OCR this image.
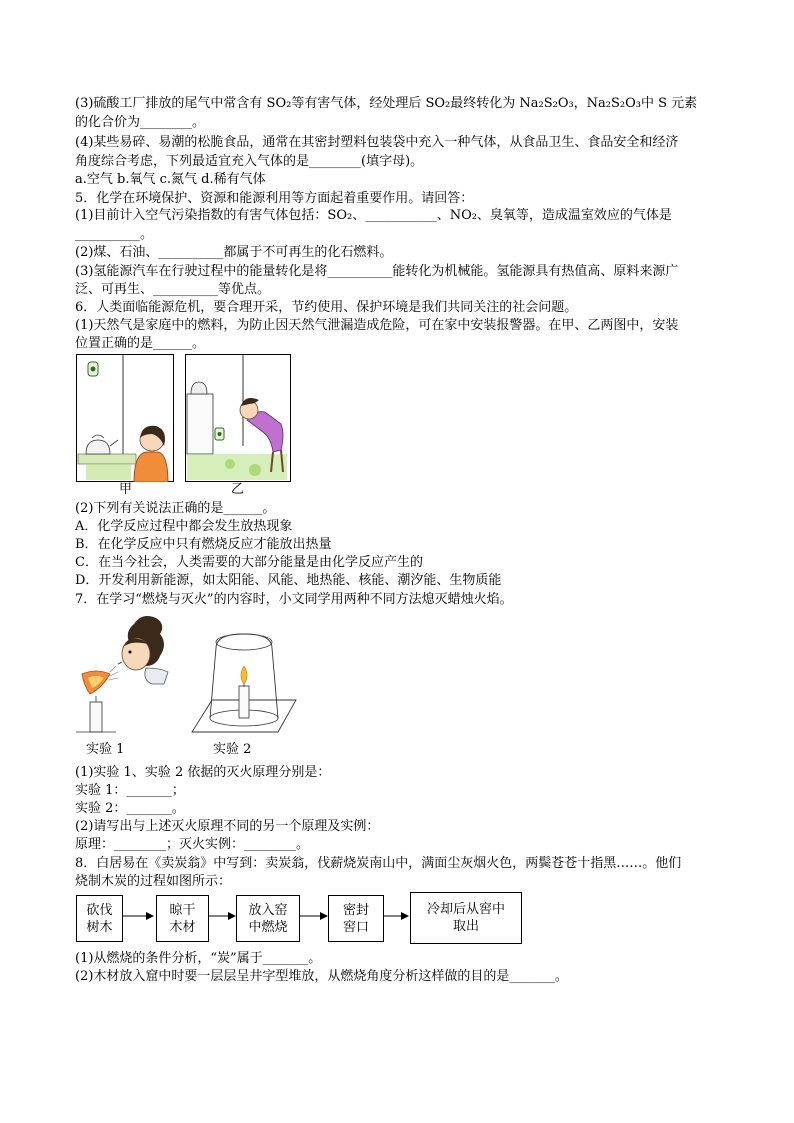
(3)硫酸工厂排放的尾气中常含有 SO₂等有害气体，经处理后 SO₂最终转化为 Na₂S₂O₃，Na₂S₂O₃中 S 元素
的化合价为________。
(4)某些易碎、易潮的松脆食品，通常在其密封塑料包装袋中充入一种气体，从食品卫生、食品安全和经济
角度综合考虑，下列最适宜充入气体的是________(填字母)。
a.空气 b.氧气 c.氮气 d.稀有气体
5．化学在环境保护、资源和能源利用等方面起着重要作用。请回答：
(1)目前计入空气污染指数的有害气体包括：SO₂、___________、NO₂、臭氧等，造成温室效应的气体是
__________。
(2)煤、石油、__________都属于不可再生的化石燃料。
(3)氢能源汽车在行驶过程中的能量转化是将__________能转化为机械能。氢能源具有热值高、原料来源广
泛、可再生、__________等优点。
6．人类面临能源危机，要合理开采，节约使用、保护环境是我们共同关注的社会问题。
(1)天然气是家庭中的燃料，为防止因天然气泄漏造成危险，可在家中安装报警器。在甲、乙两图中，安装
位置正确的是______。
甲	乙
(2)下列有关说法正确的是______。
A．化学反应过程中都会发生放热现象
B．在化学反应中只有燃烧反应才能放出热量
C．在当今社会，人类需要的大部分能量是由化学反应产生的
D．开发利用新能源，如太阳能、风能、地热能、核能、潮汐能、生物质能
7．在学习“燃烧与灭火”的内容时，小文同学用两种不同方法熄灭蜡烛火焰。
实验 1	实验 2
(1)实验 1、实验 2 依据的灭火原理分别是：
实验 1：_______；
实验 2：_______。
(2)请写出与上述灭火原理不同的另一个原理及实例：
原理：________；灭火实例：________。
8．白居易在《卖炭翁》中写到：卖炭翁，伐薪烧炭南山中，满面尘灰烟火色，两鬓苍苍十指黑……。他们
烧制木炭的过程如图所示：
砍伐
树木
晾干
木材
放入窑
中燃烧
密封
窖口
冷却后从窖中
取出
(1)从燃烧的条件分析，“炭”属于_______。
(2)木材放入窟中时要一层层呈井字型堆放，从燃烧角度分析这样做的目的是_______。
